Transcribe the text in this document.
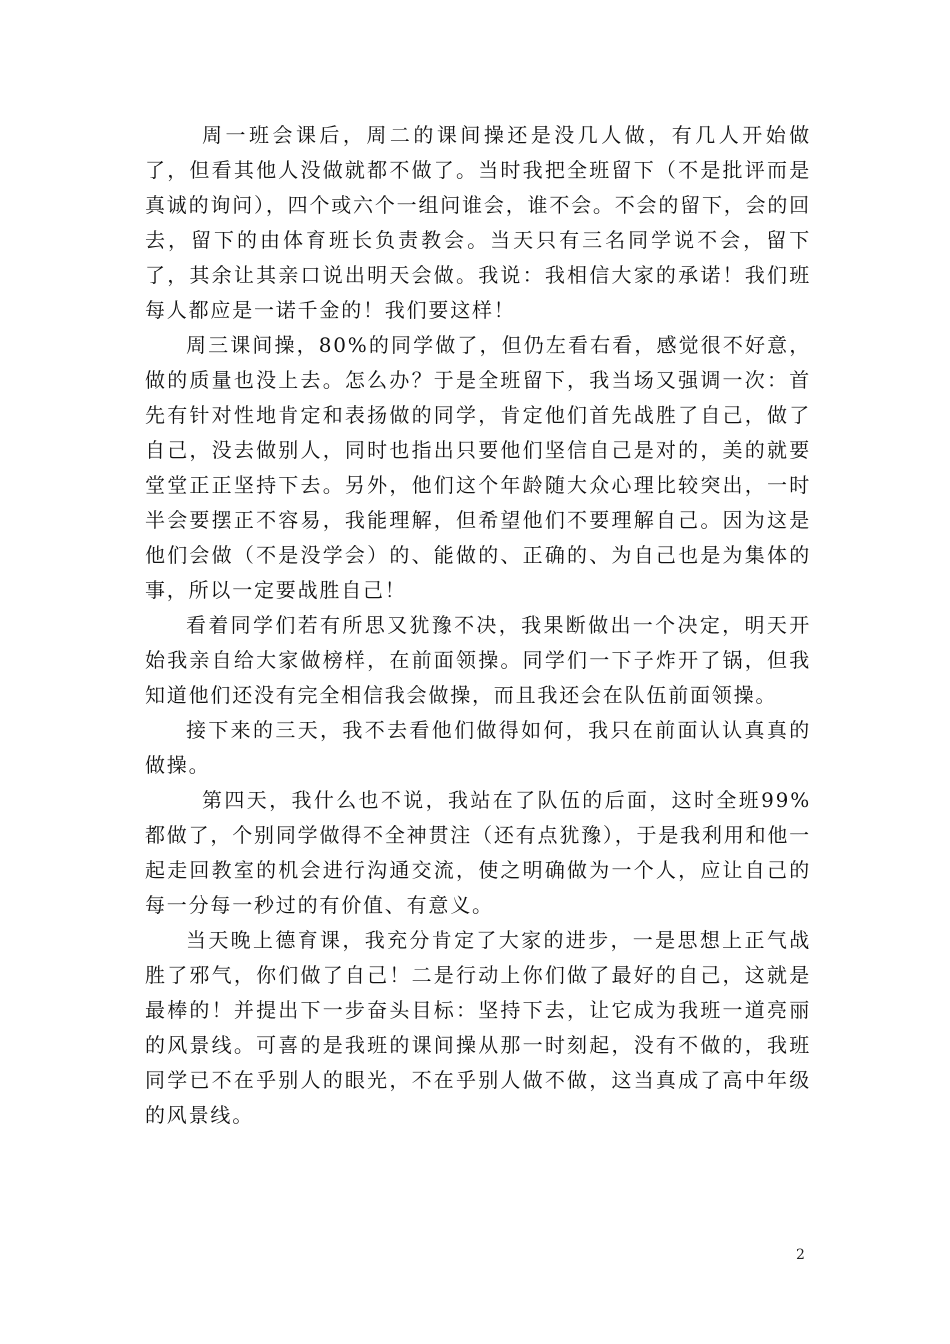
周一班会课后，周二的课间操还是没几人做，有几人开始做了，但看其他人没做就都不做了。当时我把全班留下（不是批评而是真诚的询问），四个或六个一组问谁会，谁不会。不会的留下，会的回去，留下的由体育班长负责教会。当天只有三名同学说不会，留下了，其余让其亲口说出明天会做。我说：我相信大家的承诺！我们班每人都应是一诺千金的！我们要这样！

周三课间操，80%的同学做了，但仍左看右看，感觉很不好意，做的质量也没上去。怎么办？于是全班留下，我当场又强调一次：首先有针对性地肯定和表扬做的同学，肯定他们首先战胜了自己，做了自己，没去做别人，同时也指出只要他们坚信自己是对的，美的就要堂堂正正坚持下去。另外，他们这个年龄随大众心理比较突出，一时半会要摆正不容易，我能理解，但希望他们不要理解自己。因为这是他们会做（不是没学会）的、能做的、正确的、为自己也是为集体的事，所以一定要战胜自己！

看着同学们若有所思又犹豫不决，我果断做出一个决定，明天开始我亲自给大家做榜样，在前面领操。同学们一下子炸开了锅，但我知道他们还没有完全相信我会做操，而且我还会在队伍前面领操。

接下来的三天，我不去看他们做得如何，我只在前面认认真真的做操。

第四天，我什么也不说，我站在了队伍的后面，这时全班99%都做了，个别同学做得不全神贯注（还有点犹豫），于是我利用和他一起走回教室的机会进行沟通交流，使之明确做为一个人，应让自己的每一分每一秒过的有价值、有意义。

当天晚上德育课，我充分肯定了大家的进步，一是思想上正气战胜了邪气，你们做了自己！二是行动上你们做了最好的自己，这就是最棒的！并提出下一步奋头目标：坚持下去，让它成为我班一道亮丽的风景线。可喜的是我班的课间操从那一时刻起，没有不做的，我班同学已不在乎别人的眼光，不在乎别人做不做，这当真成了高中年级的风景线。

2
